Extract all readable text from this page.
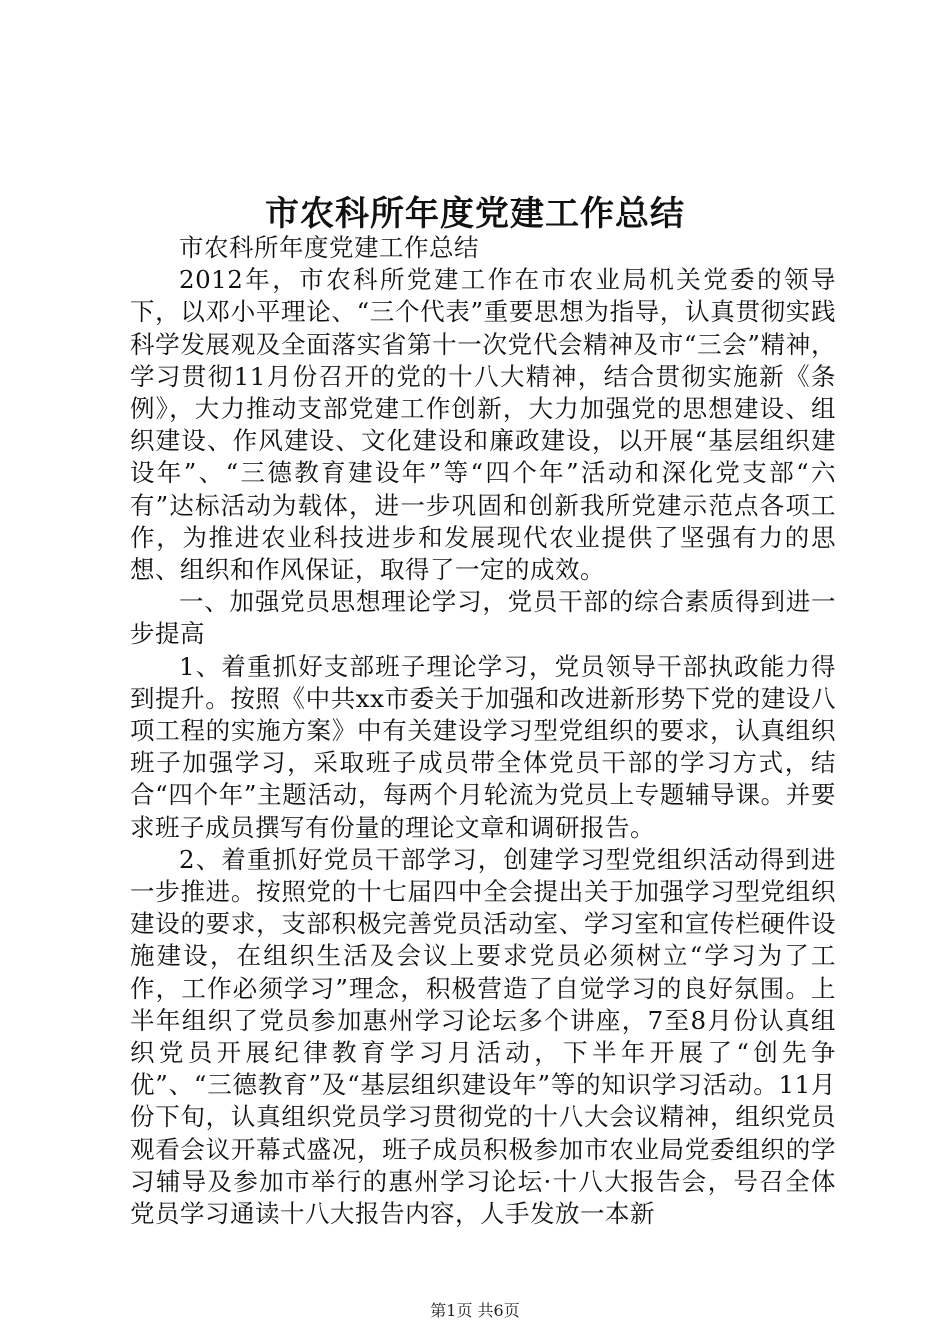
市农科所年度党建工作总结

市农科所年度党建工作总结

2012年，市农科所党建工作在市农业局机关党委的领导下，以邓小平理论、“三个代表”重要思想为指导，认真贯彻实践科学发展观及全面落实省第十一次党代会精神及市“三会”精神，学习贯彻11月份召开的党的十八大精神，结合贯彻实施新《条例》，大力推动支部党建工作创新，大力加强党的思想建设、组织建设、作风建设、文化建设和廉政建设，以开展“基层组织建设年”、“三德教育建设年”等“四个年”活动和深化党支部“六有”达标活动为载体，进一步巩固和创新我所党建示范点各项工作，为推进农业科技进步和发展现代农业提供了坚强有力的思想、组织和作风保证，取得了一定的成效。

一、加强党员思想理论学习，党员干部的综合素质得到进一步提高

1、着重抓好支部班子理论学习，党员领导干部执政能力得到提升。按照《中共xx市委关于加强和改进新形势下党的建设八项工程的实施方案》中有关建设学习型党组织的要求，认真组织班子加强学习，采取班子成员带全体党员干部的学习方式，结合“四个年”主题活动，每两个月轮流为党员上专题辅导课。并要求班子成员撰写有份量的理论文章和调研报告。

2、着重抓好党员干部学习，创建学习型党组织活动得到进一步推进。按照党的十七届四中全会提出关于加强学习型党组织建设的要求，支部积极完善党员活动室、学习室和宣传栏硬件设施建设，在组织生活及会议上要求党员必须树立“学习为了工作，工作必须学习”理念，积极营造了自觉学习的良好氛围。上半年组织了党员参加惠州学习论坛多个讲座，7至8月份认真组织党员开展纪律教育学习月活动，下半年开展了“创先争优”、“三德教育”及“基层组织建设年”等的知识学习活动。11月份下旬，认真组织党员学习贯彻党的十八大会议精神，组织党员观看会议开幕式盛况，班子成员积极参加市农业局党委组织的学习辅导及参加市举行的惠州学习论坛·十八大报告会，号召全体党员学习通读十八大报告内容，人手发放一本新

第1页 共6页
